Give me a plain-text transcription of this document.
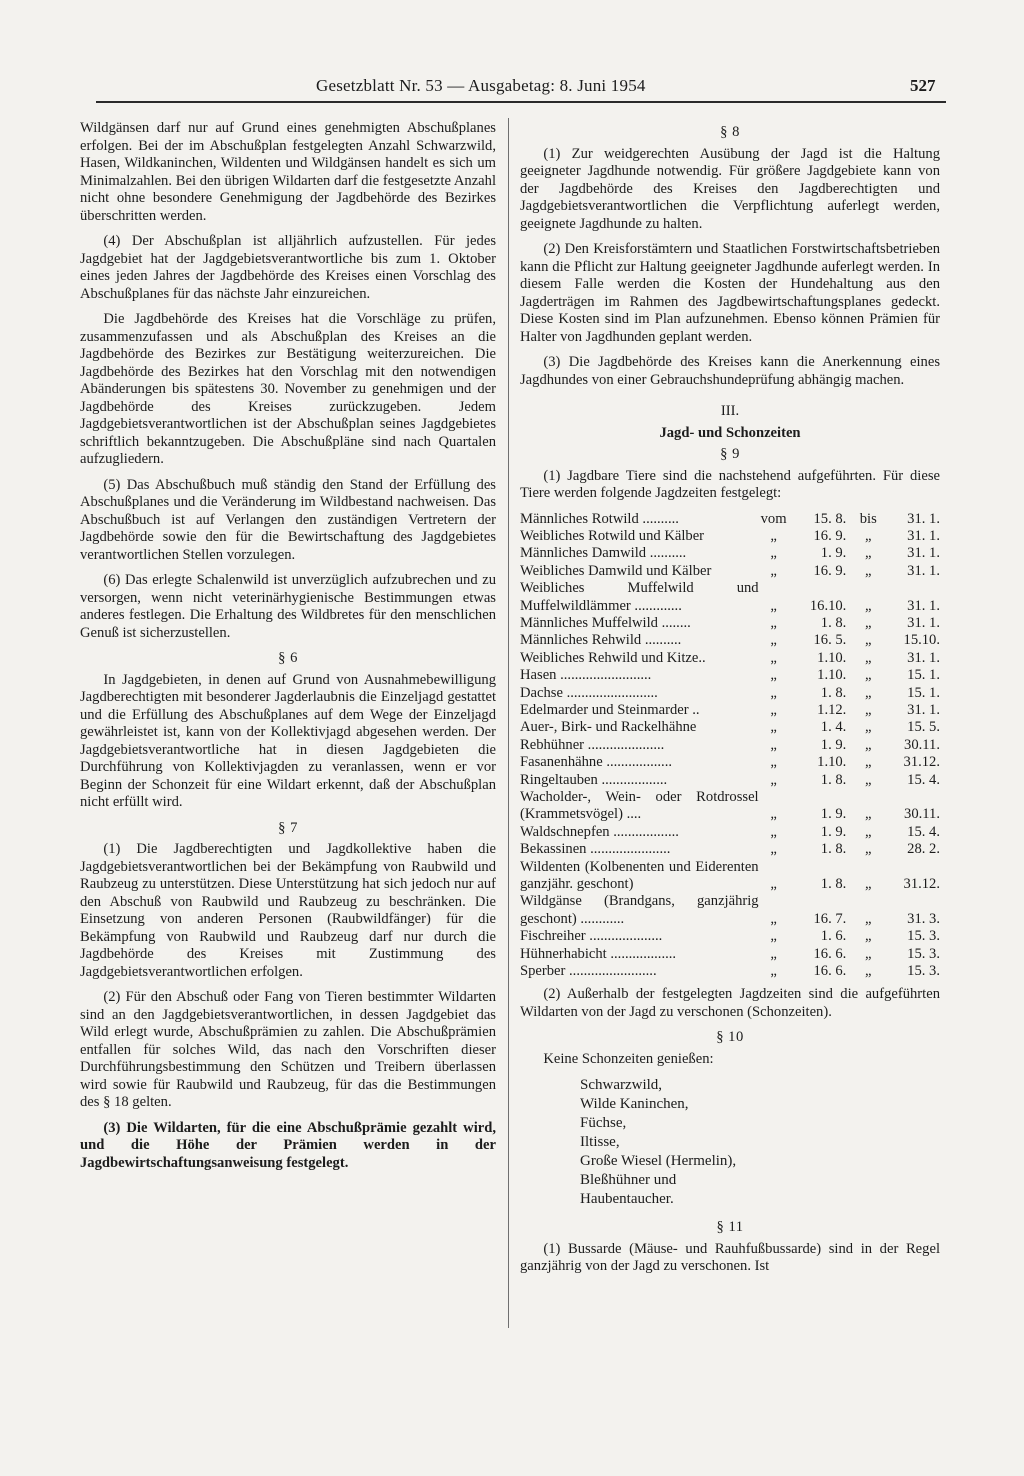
Gesetzblatt Nr. 53 — Ausgabetag: 8. Juni 1954	527

Wildgänsen darf nur auf Grund eines genehmigten Abschußplanes erfolgen. Bei der im Abschußplan festgelegten Anzahl Schwarzwild, Hasen, Wildkaninchen, Wildenten und Wildgänsen handelt es sich um Minimalzahlen. Bei den übrigen Wildarten darf die festgesetzte Anzahl nicht ohne besondere Genehmigung der Jagdbehörde des Bezirkes überschritten werden.

(4) Der Abschußplan ist alljährlich aufzustellen. Für jedes Jagdgebiet hat der Jagdgebietsverantwortliche bis zum 1. Oktober eines jeden Jahres der Jagdbehörde des Kreises einen Vorschlag des Abschußplanes für das nächste Jahr einzureichen.

Die Jagdbehörde des Kreises hat die Vorschläge zu prüfen, zusammenzufassen und als Abschußplan des Kreises an die Jagdbehörde des Bezirkes zur Bestätigung weiterzureichen. Die Jagdbehörde des Bezirkes hat den Vorschlag mit den notwendigen Abänderungen bis spätestens 30. November zu genehmigen und der Jagdbehörde des Kreises zurückzugeben. Jedem Jagdgebietsverantwortlichen ist der Abschußplan seines Jagdgebietes schriftlich bekanntzugeben. Die Abschußpläne sind nach Quartalen aufzugliedern.

(5) Das Abschußbuch muß ständig den Stand der Erfüllung des Abschußplanes und die Veränderung im Wildbestand nachweisen. Das Abschußbuch ist auf Verlangen den zuständigen Vertretern der Jagdbehörde sowie den für die Bewirtschaftung des Jagdgebietes verantwortlichen Stellen vorzulegen.

(6) Das erlegte Schalenwild ist unverzüglich aufzubrechen und zu versorgen, wenn nicht veterinärhygienische Bestimmungen etwas anderes festlegen. Die Erhaltung des Wildbretes für den menschlichen Genuß ist sicherzustellen.

§ 6

In Jagdgebieten, in denen auf Grund von Ausnahmebewilligung Jagdberechtigten mit besonderer Jagderlaubnis die Einzeljagd gestattet und die Erfüllung des Abschußplanes auf dem Wege der Einzeljagd gewährleistet ist, kann von der Kollektivjagd abgesehen werden. Der Jagdgebietsverantwortliche hat in diesen Jagdgebieten die Durchführung von Kollektivjagden zu veranlassen, wenn er vor Beginn der Schonzeit für eine Wildart erkennt, daß der Abschußplan nicht erfüllt wird.

§ 7

(1) Die Jagdberechtigten und Jagdkollektive haben die Jagdgebietsverantwortlichen bei der Bekämpfung von Raubwild und Raubzeug zu unterstützen. Diese Unterstützung hat sich jedoch nur auf den Abschuß von Raubwild und Raubzeug zu beschränken. Die Einsetzung von anderen Personen (Raubwildfänger) für die Bekämpfung von Raubwild und Raubzeug darf nur durch die Jagdbehörde des Kreises mit Zustimmung des Jagdgebietsverantwortlichen erfolgen.

(2) Für den Abschuß oder Fang von Tieren bestimmter Wildarten sind an den Jagdgebietsverantwortlichen, in dessen Jagdgebiet das Wild erlegt wurde, Abschußprämien zu zahlen. Die Abschußprämien entfallen für solches Wild, das nach den Vorschriften dieser Durchführungsbestimmung den Schützen und Treibern überlassen wird sowie für Raubwild und Raubzeug, für das die Bestimmungen des § 18 gelten.

(3) Die Wildarten, für die eine Abschußprämie gezahlt wird, und die Höhe der Prämien werden in der Jagdbewirtschaftungsanweisung festgelegt.

§ 8

(1) Zur weidgerechten Ausübung der Jagd ist die Haltung geeigneter Jagdhunde notwendig. Für größere Jagdgebiete kann von der Jagdbehörde des Kreises den Jagdberechtigten und Jagdgebietsverantwortlichen die Verpflichtung auferlegt werden, geeignete Jagdhunde zu halten.

(2) Den Kreisforstämtern und Staatlichen Forstwirtschaftsbetrieben kann die Pflicht zur Haltung geeigneter Jagdhunde auferlegt werden. In diesem Falle werden die Kosten der Hundehaltung aus den Jagderträgen im Rahmen des Jagdbewirtschaftungsplanes gedeckt. Diese Kosten sind im Plan aufzunehmen. Ebenso können Prämien für Halter von Jagdhunden geplant werden.

(3) Die Jagdbehörde des Kreises kann die Anerkennung eines Jagdhundes von einer Gebrauchshundeprüfung abhängig machen.

III.
Jagd- und Schonzeiten
§ 9

(1) Jagdbare Tiere sind die nachstehend aufgeführten. Für diese Tiere werden folgende Jagdzeiten festgelegt:

Männliches Rotwild ..........	vom	15. 8.	bis	31. 1.
Weibliches Rotwild und Kälber	„	16. 9.	„	31. 1.
Männliches Damwild ..........	„	1. 9.	„	31. 1.
Weibliches Damwild und Kälber	„	16. 9.	„	31. 1.
Weibliches Muffelwild und Muffelwildlämmer .............	„	16.10.	„	31. 1.
Männliches Muffelwild ........	„	1. 8.	„	31. 1.
Männliches Rehwild ..........	„	16. 5.	„	15.10.
Weibliches Rehwild und Kitze..	„	1.10.	„	31. 1.
Hasen .........................	„	1.10.	„	15. 1.
Dachse .........................	„	1. 8.	„	15. 1.
Edelmarder und Steinmarder ..	„	1.12.	„	31. 1.
Auer-, Birk- und Rackelhähne	„	1. 4.	„	15. 5.
Rebhühner .....................	„	1. 9.	„	30.11.
Fasanenhähne ..................	„	1.10.	„	31.12.
Ringeltauben ..................	„	1. 8.	„	15. 4.
Wacholder-, Wein- oder Rotdrossel (Krammetsvögel) ....	„	1. 9.	„	30.11.
Waldschnepfen ..................	„	1. 9.	„	15. 4.
Bekassinen ......................	„	1. 8.	„	28. 2.
Wildenten (Kolbenenten und Eiderenten ganzjähr. geschont)	„	1. 8.	„	31.12.
Wildgänse (Brandgans, ganzjährig geschont) ............	„	16. 7.	„	31. 3.
Fischreiher ....................	„	1. 6.	„	15. 3.
Hühnerhabicht ..................	„	16. 6.	„	15. 3.
Sperber ........................	„	16. 6.	„	15. 3.

(2) Außerhalb der festgelegten Jagdzeiten sind die aufgeführten Wildarten von der Jagd zu verschonen (Schonzeiten).

§ 10

Keine Schonzeiten genießen:

Schwarzwild,
Wilde Kaninchen,
Füchse,
Iltisse,
Große Wiesel (Hermelin),
Bleßhühner und
Haubentaucher.
§ 11

(1) Bussarde (Mäuse- und Rauhfußbussarde) sind in der Regel ganzjährig von der Jagd zu verschonen. Ist
